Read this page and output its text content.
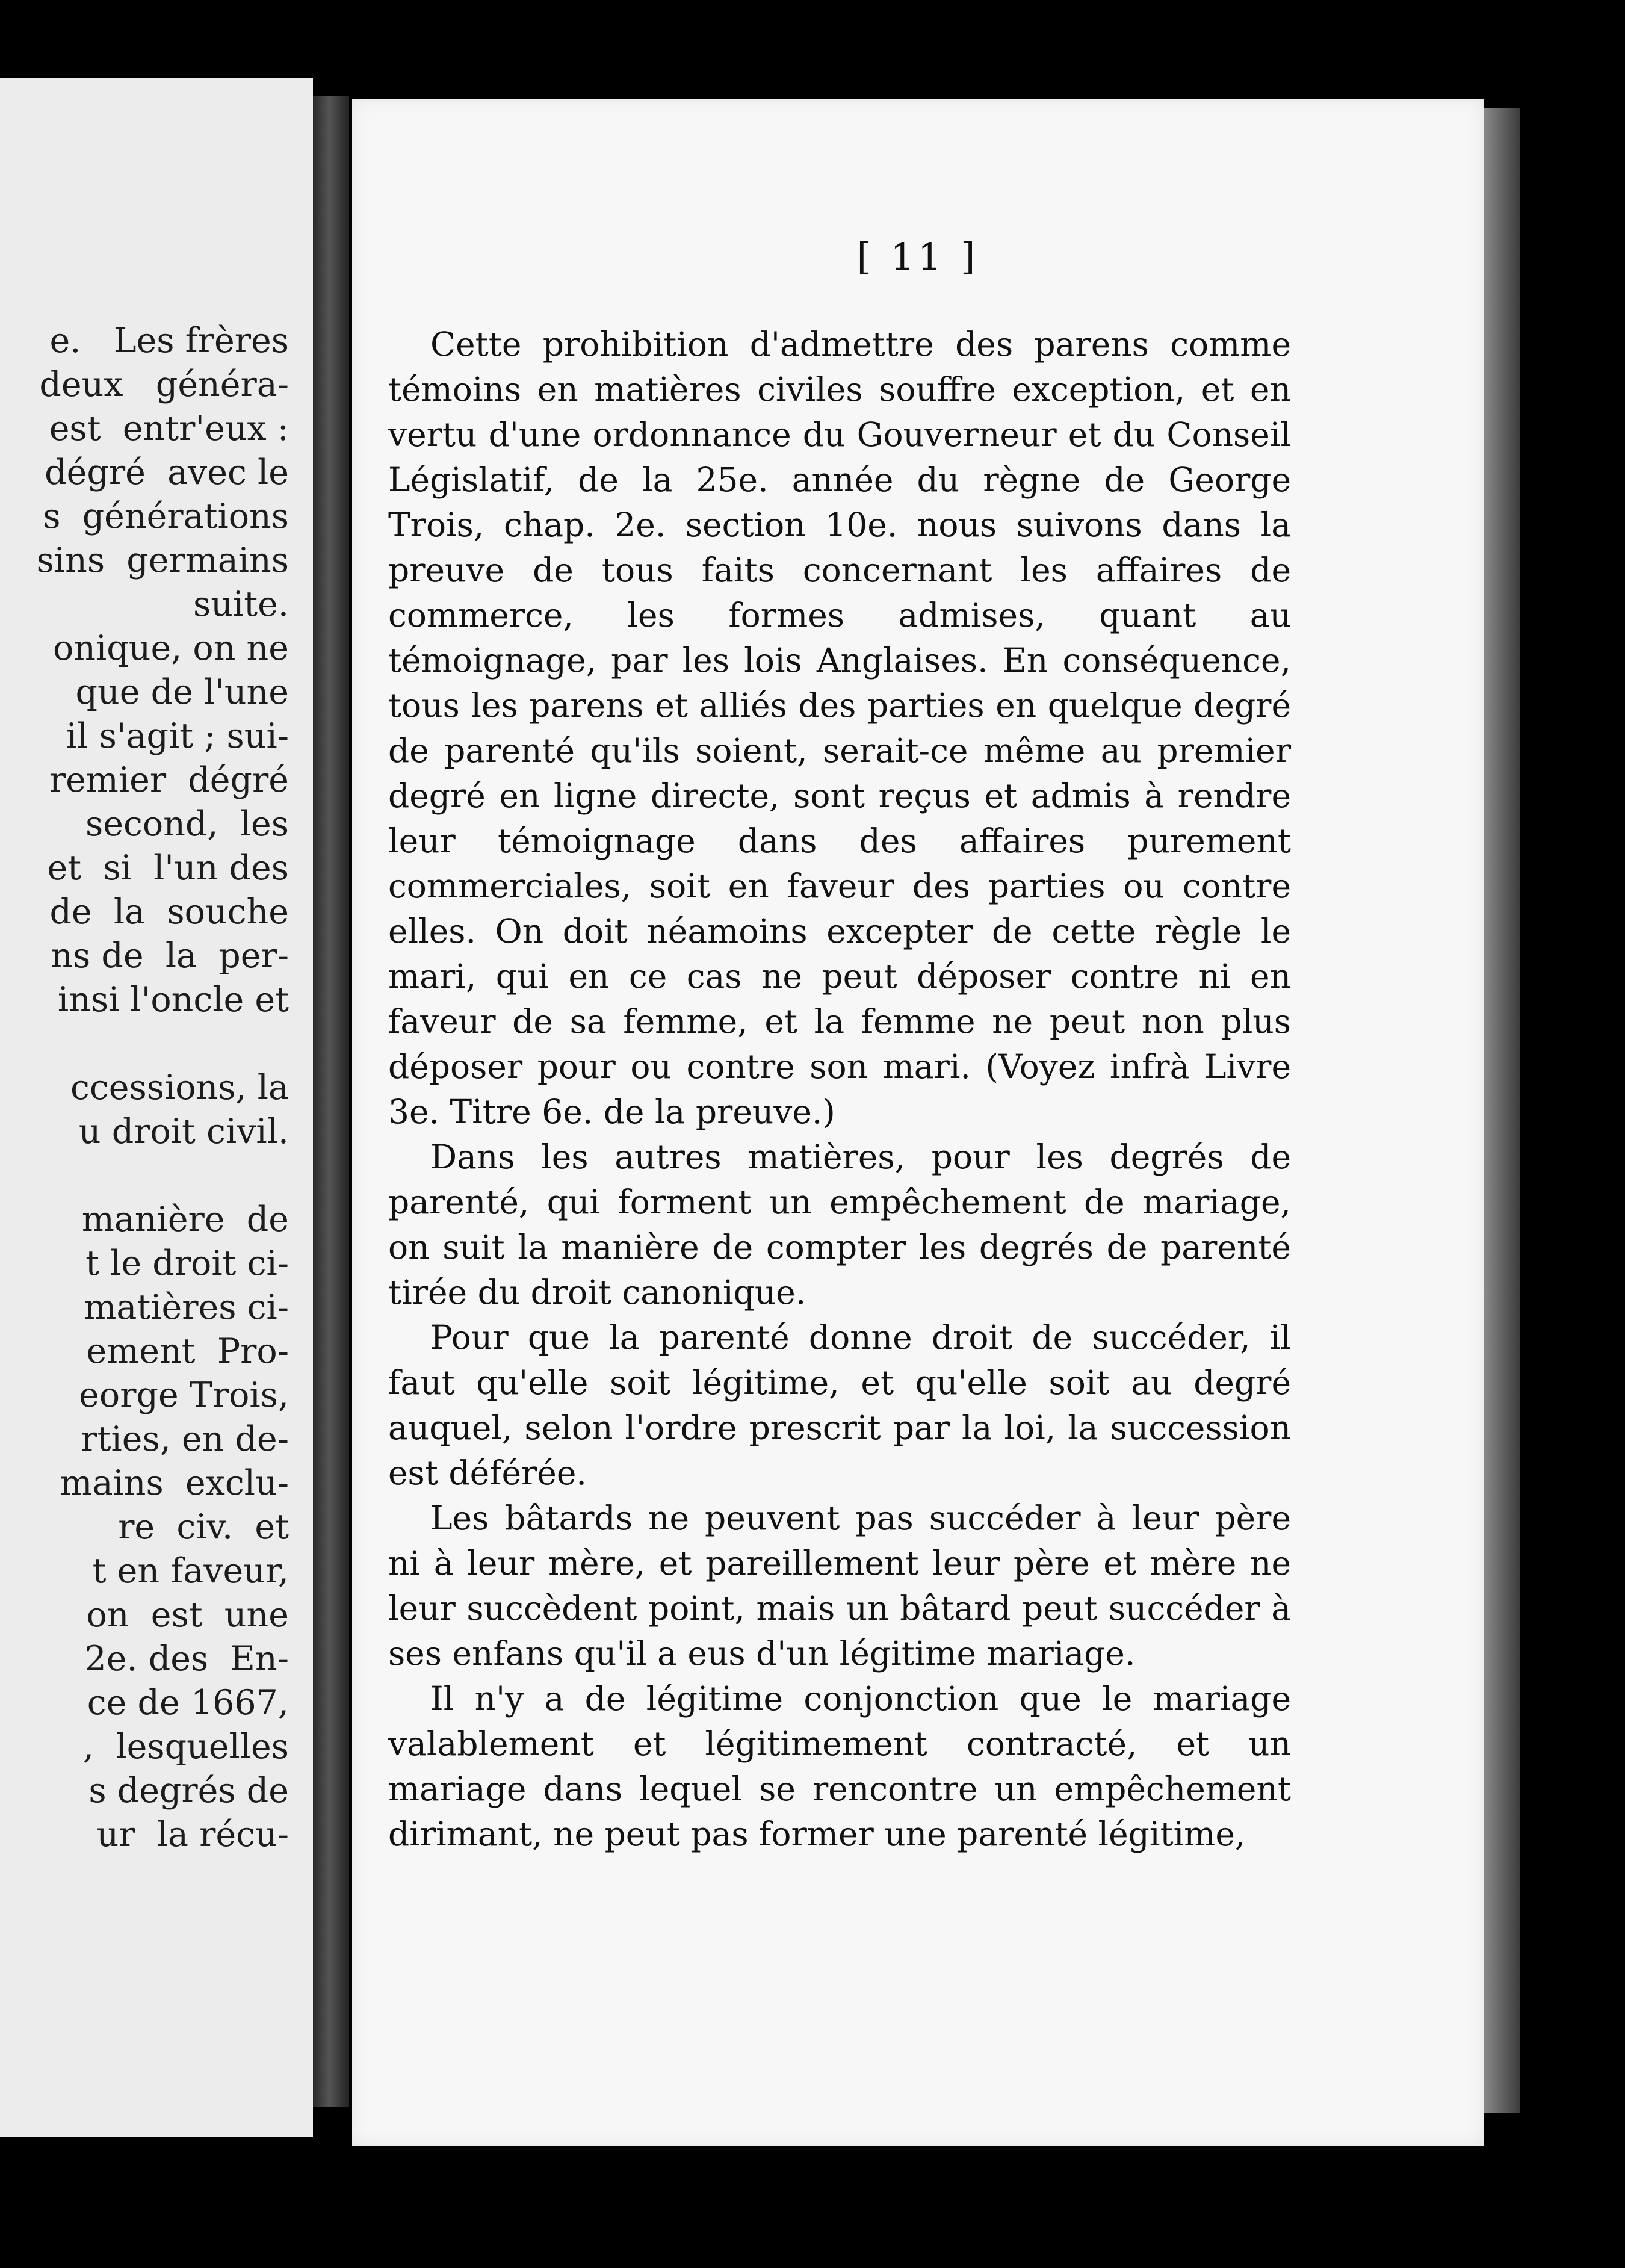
e.   Les frères
deux   généra-
est  entr'eux :
dégré  avec le
s  générations
sins  germains
suite.
onique, on ne
que de l'une
il s'agit ; sui-
remier  dégré
second,  les
et  si  l'un des
de  la  souche
ns de  la  per-
insi l'oncle et

ccessions, la
u droit civil.

manière  de
t le droit ci-
matières ci-
ement  Pro-
eorge Trois,
rties, en de-
mains  exclu-
re  civ.  et
t en faveur,
on  est  une
2e. des  En-
ce de 1667,
,  lesquelles
s degrés de
ur  la récu-
[ 11 ]

Cette prohibition d'admettre des parens comme témoins en matières civiles souffre exception, et en vertu d'une ordonnance du Gouverneur et du Conseil Législatif, de la 25e. année du règne de George Trois, chap. 2e. section 10e. nous suivons dans la preuve de tous faits concernant les affaires de commerce, les formes admises, quant au témoignage, par les lois Anglaises. En conséquence, tous les parens et alliés des parties en quelque degré de parenté qu'ils soient, serait-ce même au premier degré en ligne directe, sont reçus et admis à rendre leur témoignage dans des affaires purement commerciales, soit en faveur des parties ou contre elles. On doit néamoins excepter de cette règle le mari, qui en ce cas ne peut déposer contre ni en faveur de sa femme, et la femme ne peut non plus déposer pour ou contre son mari. (Voyez infrà Livre 3e. Titre 6e. de la preuve.)

Dans les autres matières, pour les degrés de parenté, qui forment un empêchement de mariage, on suit la manière de compter les degrés de parenté tirée du droit canonique.

Pour que la parenté donne droit de succéder, il faut qu'elle soit légitime, et qu'elle soit au degré auquel, selon l'ordre prescrit par la loi, la succession est déférée.

Les bâtards ne peuvent pas succéder à leur père ni à leur mère, et pareillement leur père et mère ne leur succèdent point, mais un bâtard peut succéder à ses enfans qu'il a eus d'un légitime mariage.

Il n'y a de légitime conjonction que le mariage valablement et légitimement contracté, et un mariage dans lequel se rencontre un empêchement dirimant, ne peut pas former une parenté légitime,
